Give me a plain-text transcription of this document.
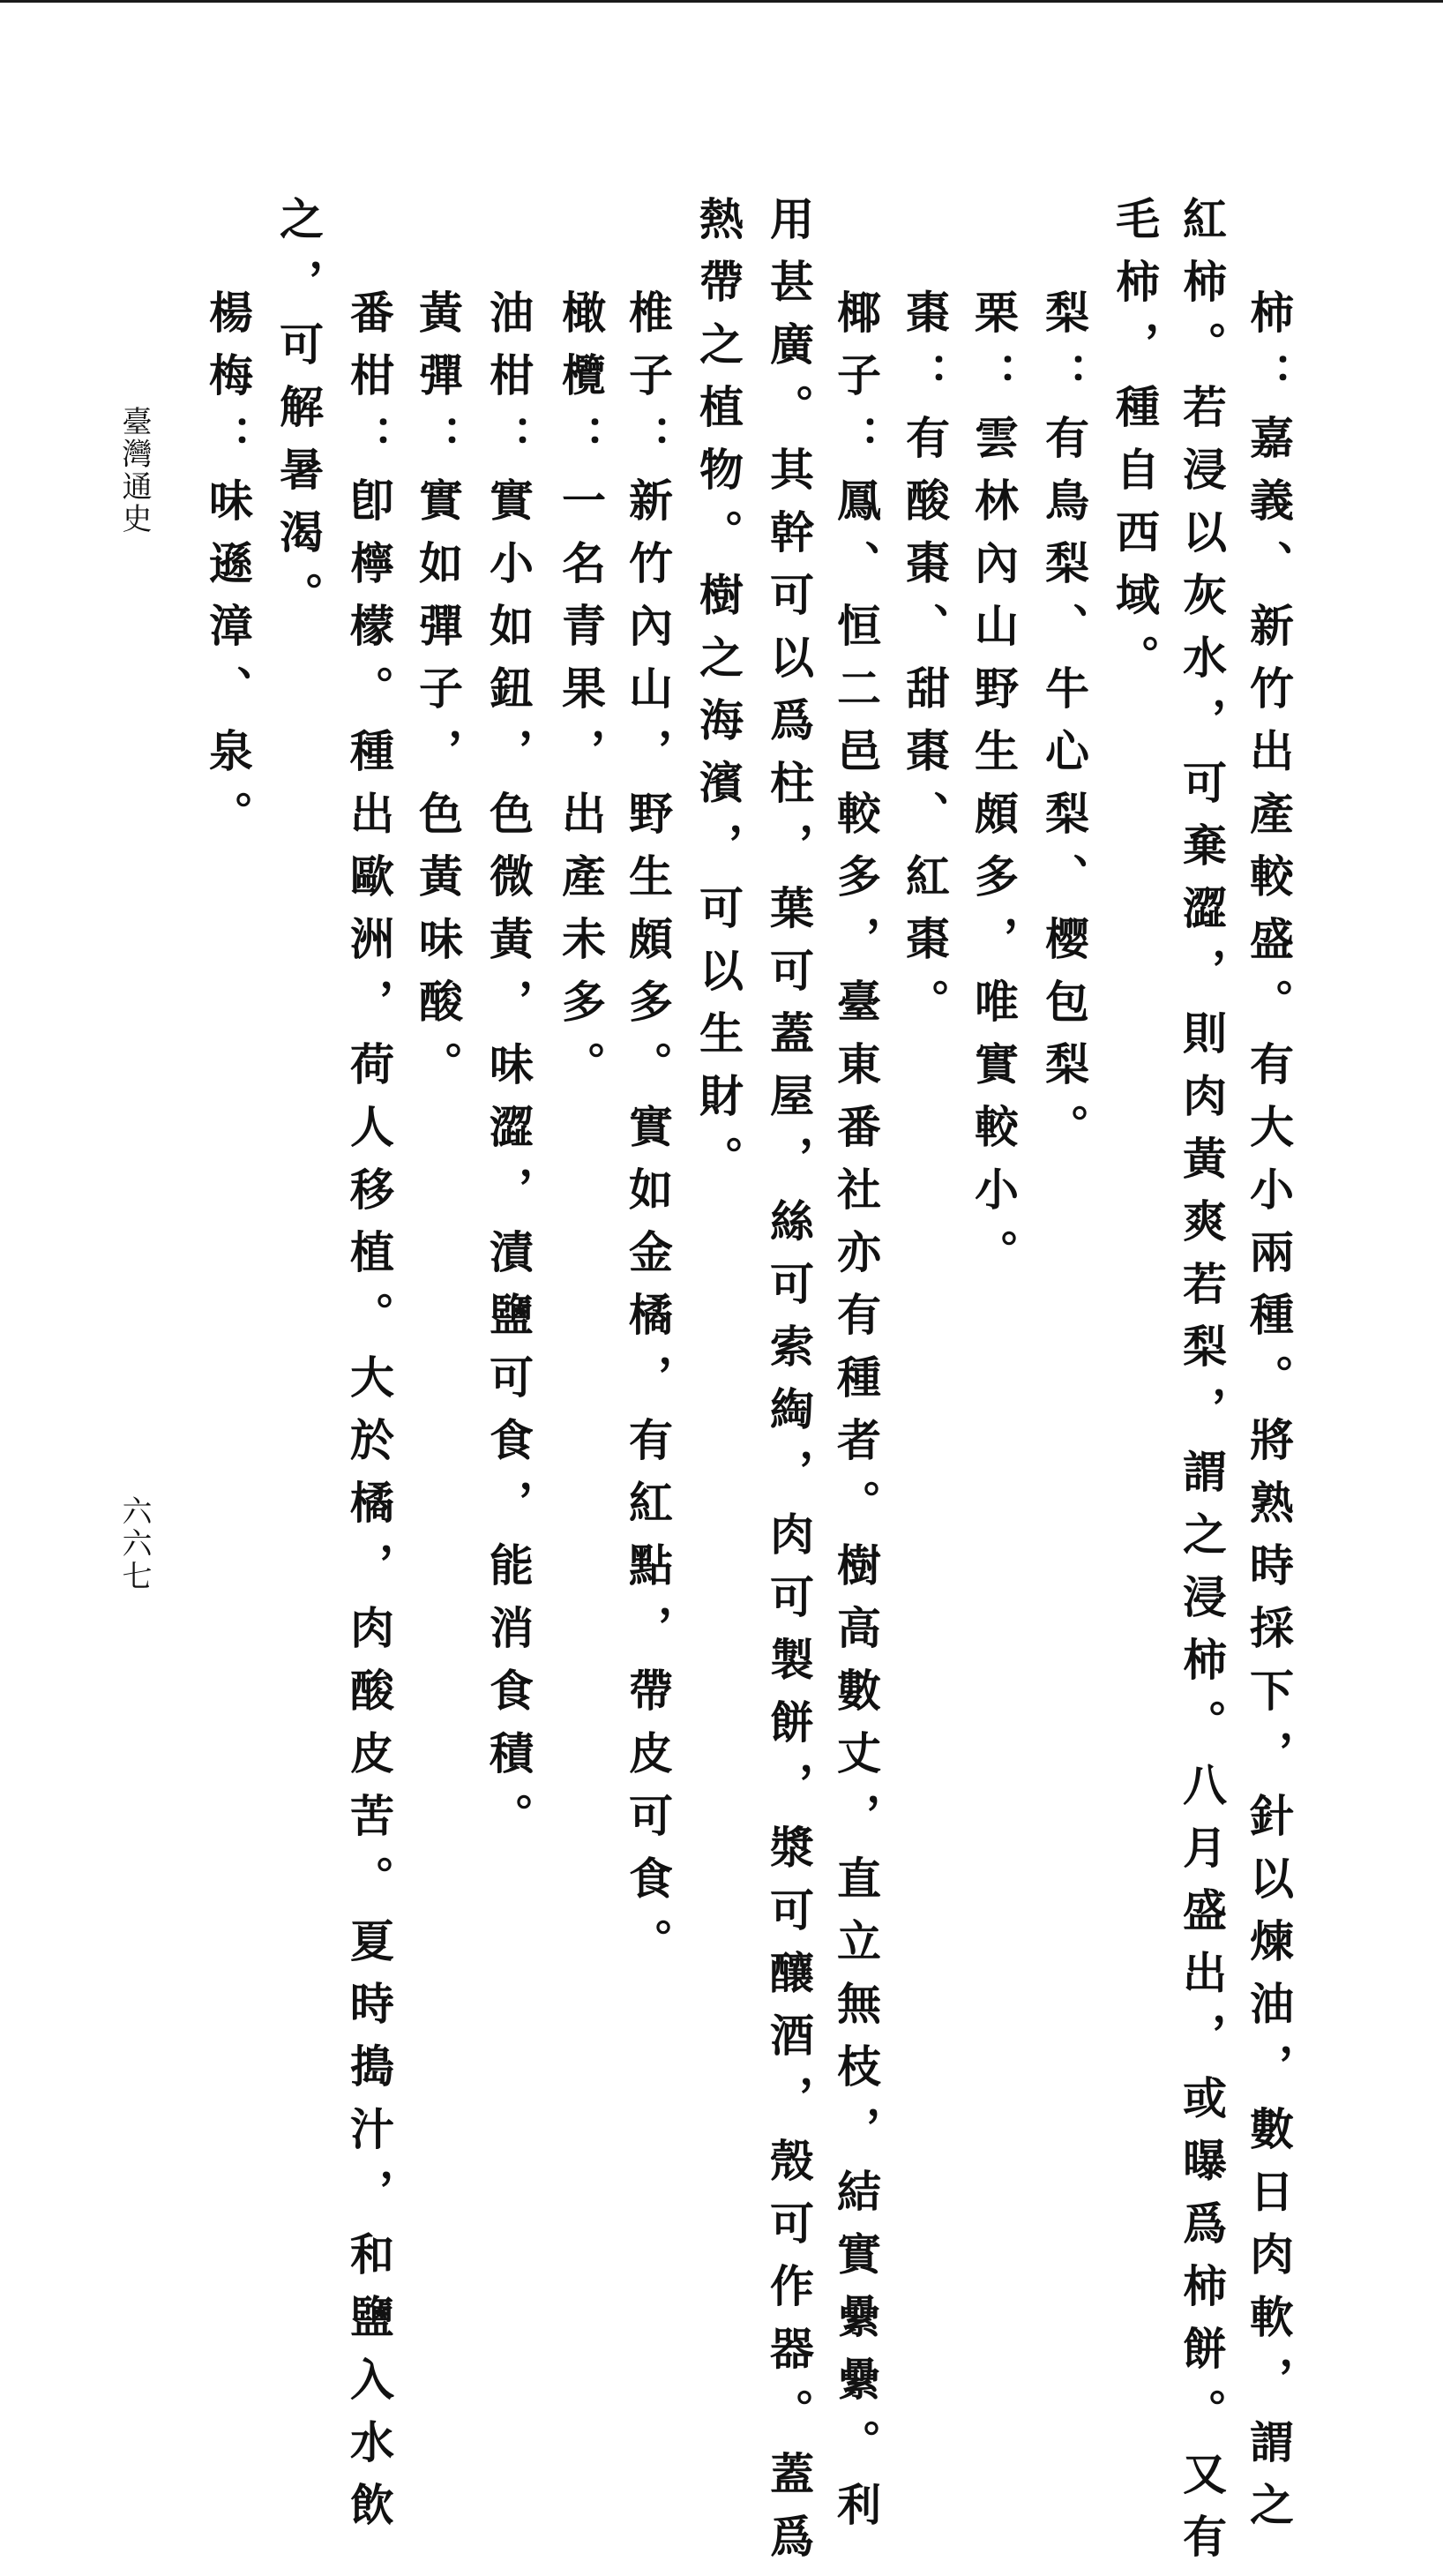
柿：嘉義、新竹出產較盛。有大小兩種。將熟時採下，針以煉油，數日肉軟，謂之
紅柿。若浸以灰水，可棄澀，則肉黃爽若梨，謂之浸柿。八月盛出，或曝爲柿餅。又有
毛柿，種自西域。
梨：有鳥梨、牛心梨、樱包梨。
栗：雲林內山野生頗多，唯實較小。
棗：有酸棗、甜棗、紅棗。
椰子：鳳、恒二邑較多，臺東番社亦有種者。樹高數丈，直立無枝，結實纍纍。利
用甚廣。其幹可以爲柱，葉可蓋屋，絲可索綯，肉可製餅，漿可釀酒，殼可作器。蓋爲
熱帶之植物。樹之海濱，可以生財。
椎子：新竹內山，野生頗多。實如金橘，有紅點，帶皮可食。
橄欖：一名青果，出產未多。
油柑：實小如鈕，色微黃，味澀，漬鹽可食，能消食積。
黃彈：實如彈子，色黃味酸。
番柑：卽檸檬。種出歐洲，荷人移植。大於橘，肉酸皮苦。夏時搗汁，和鹽入水飲
之，可解暑渴。
楊梅：味遜漳、泉。
臺灣通史
六六七
